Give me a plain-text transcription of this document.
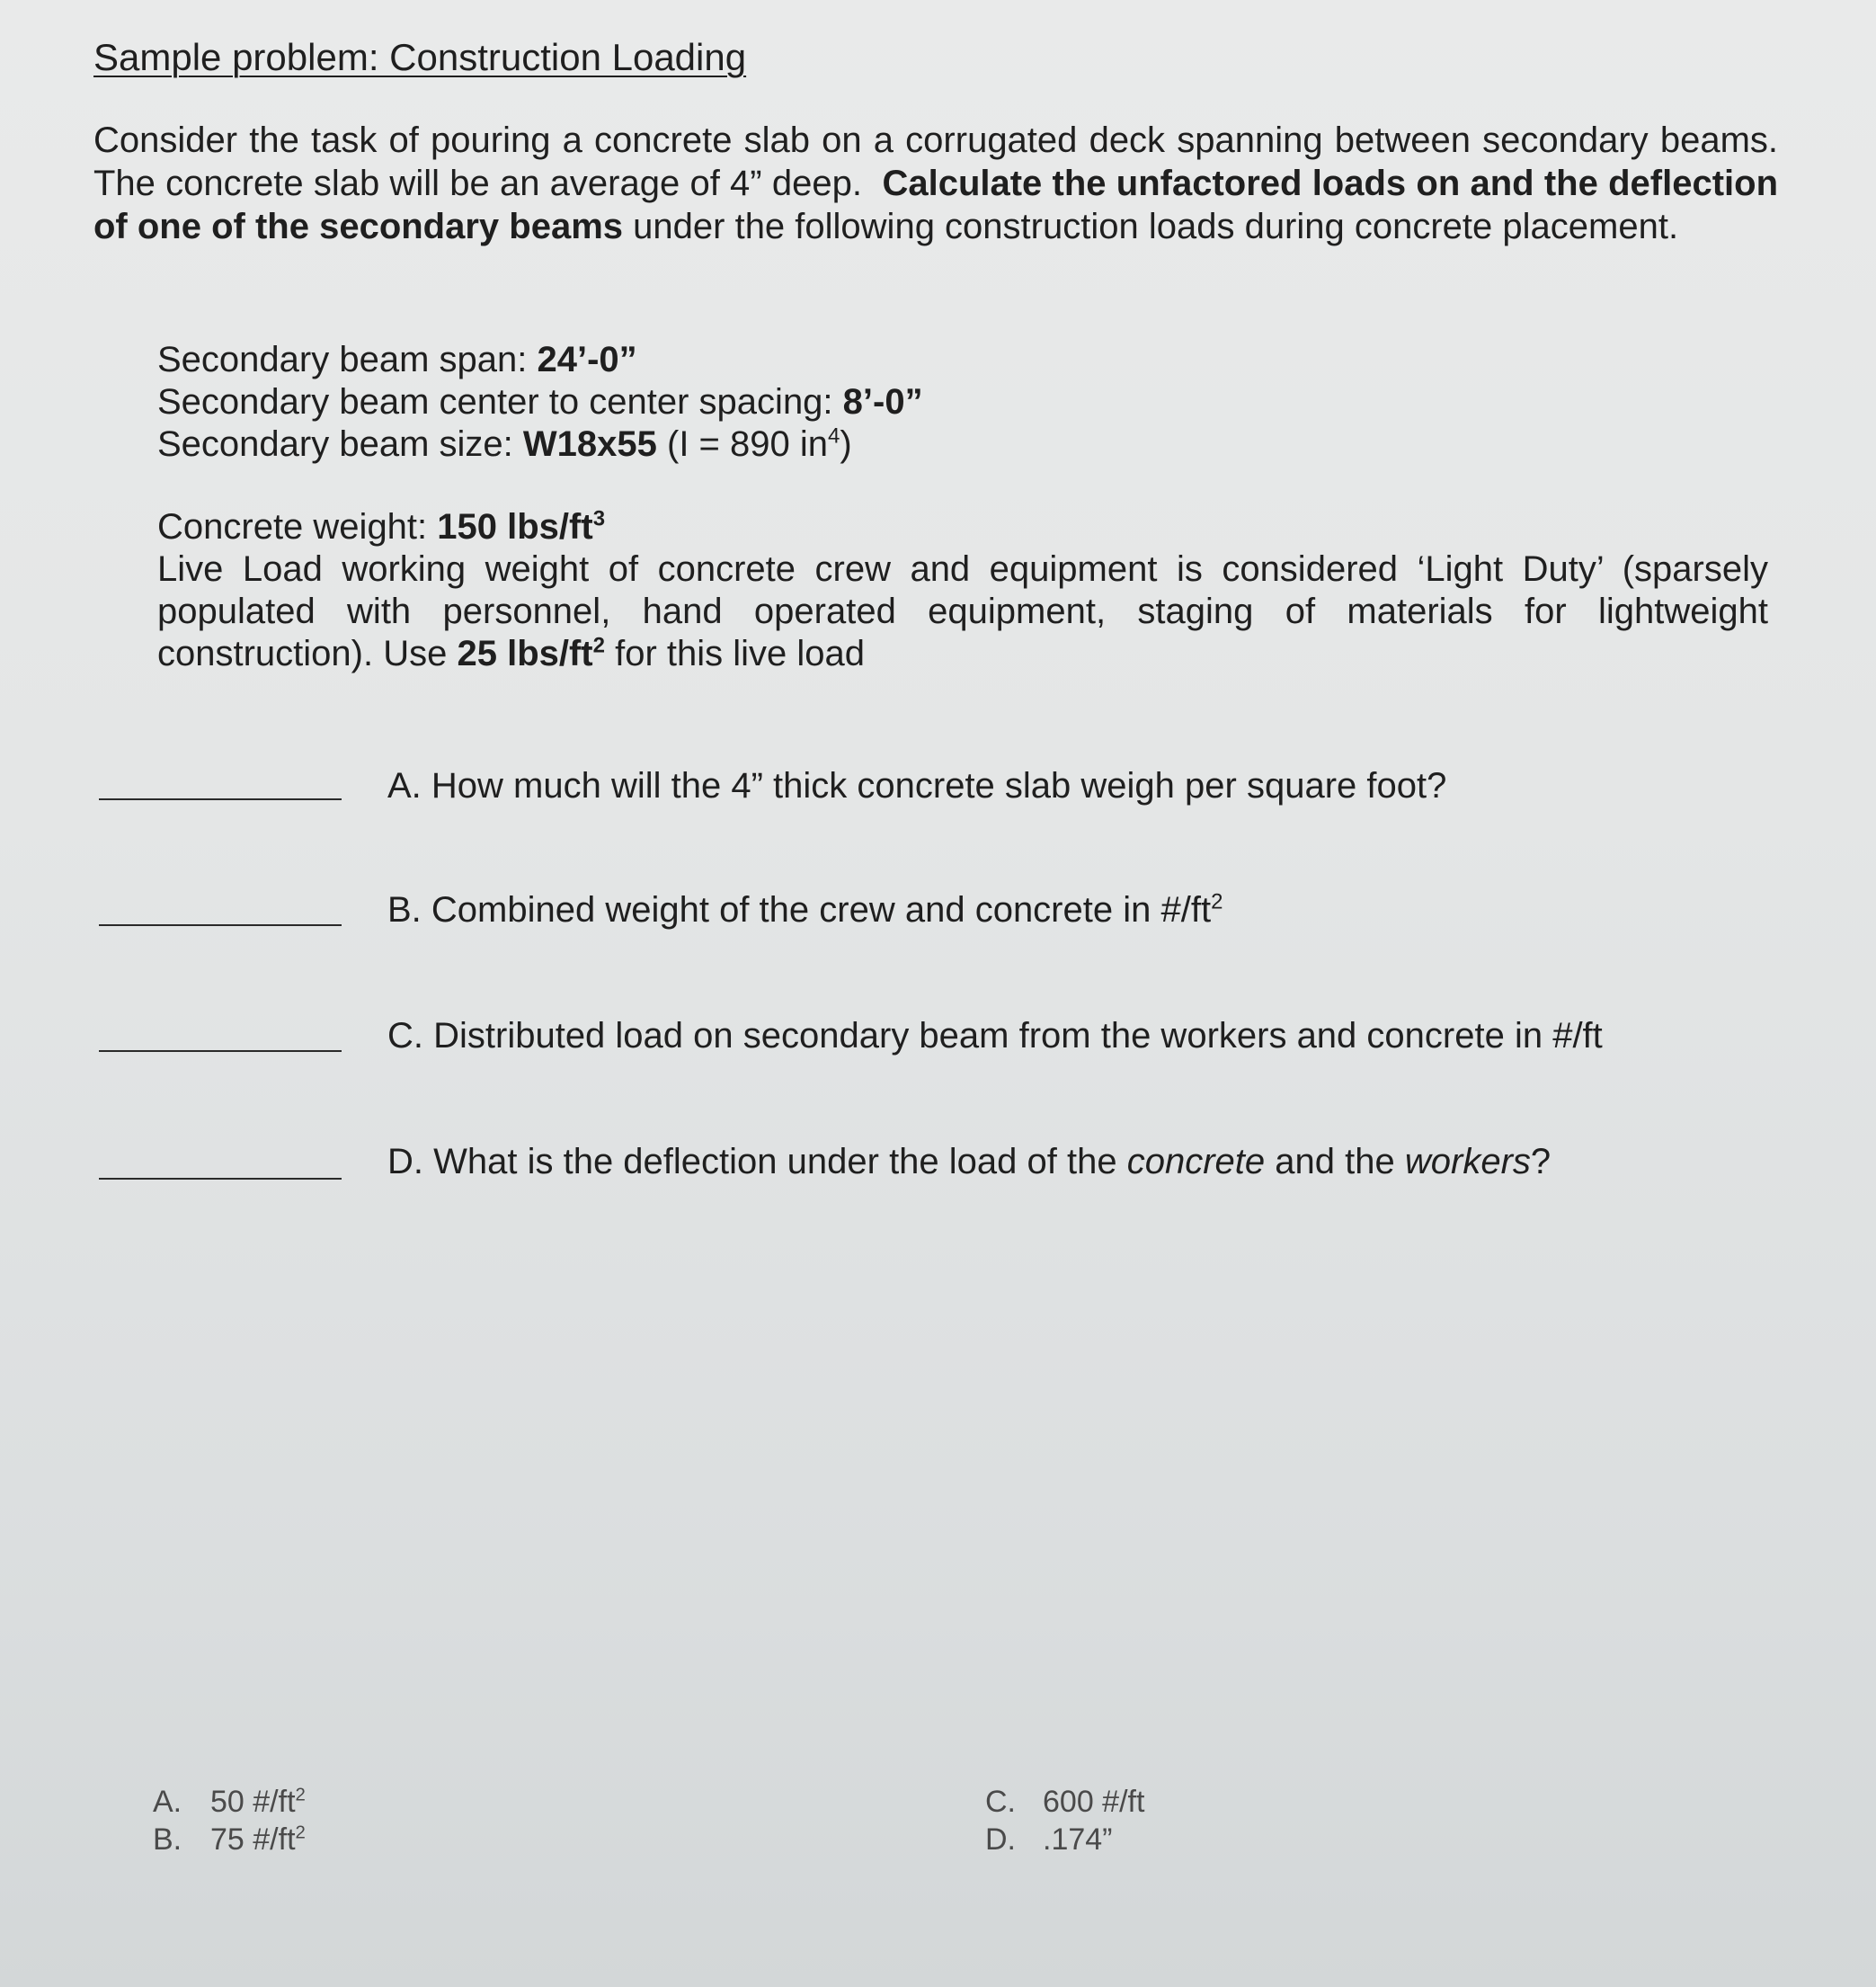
Sample problem: Construction Loading
Consider the task of pouring a concrete slab on a corrugated deck spanning between secondary beams. The concrete slab will be an average of 4” deep. Calculate the unfactored loads on and the deflection of one of the secondary beams under the following construction loads during concrete placement.
Secondary beam span: 24’-0”
Secondary beam center to center spacing: 8’-0”
Secondary beam size: W18x55 (I = 890 $in^4$)
Concrete weight: 150 lbs/$ft^3$
Live Load working weight of concrete crew and equipment is considered ‘Light Duty’ (sparsely populated with personnel, hand operated equipment, staging of materials for lightweight construction). Use 25 lbs/$ft^2$ for this live load
A. How much will the 4” thick concrete slab weigh per square foot?
B. Combined weight of the crew and concrete in $\#/ft^2$
C. Distributed load on secondary beam from the workers and concrete in #/ft
D. What is the deflection under the load of the concrete and the workers?
A. 50 $\#/ft^2$
B. 75 $\#/ft^2$
C. 600 #/ft
D. .174”
